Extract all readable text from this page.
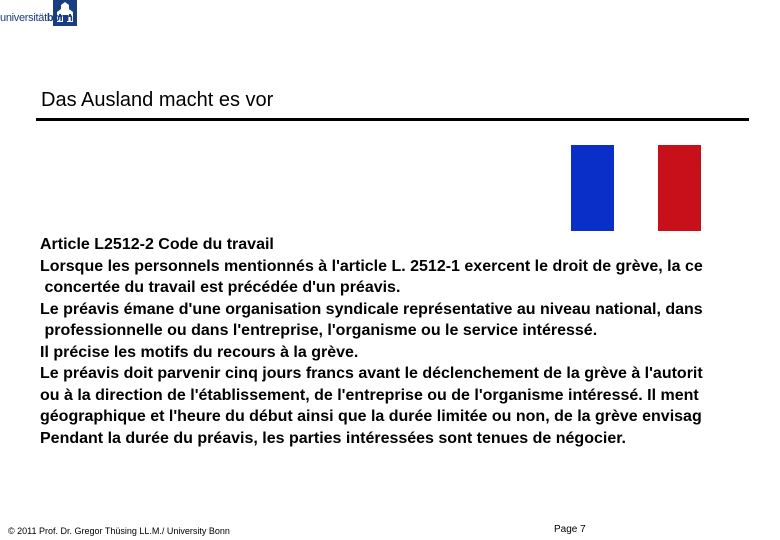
universitätbonn
Das Ausland macht es vor
Article L2512-2 Code du travail
Lorsque les personnels mentionnés à l'article L. 2512-1 exercent le droit de grève, la ce
concertée du travail est précédée d'un préavis.
Le préavis émane d'une organisation syndicale représentative au niveau national, dans
professionnelle ou dans l'entreprise, l'organisme ou le service intéressé.
Il précise les motifs du recours à la grève.
Le préavis doit parvenir cinq jours francs avant le déclenchement de la grève à l'autorit
ou à la direction de l'établissement, de l'entreprise ou de l'organisme intéressé. Il ment
géographique et l'heure du début ainsi que la durée limitée ou non, de la grève envisag
Pendant la durée du préavis, les parties intéressées sont tenues de négocier.
© 2011 Prof. Dr. Gregor Thüsing LL.M./ University Bonn	Page 7
